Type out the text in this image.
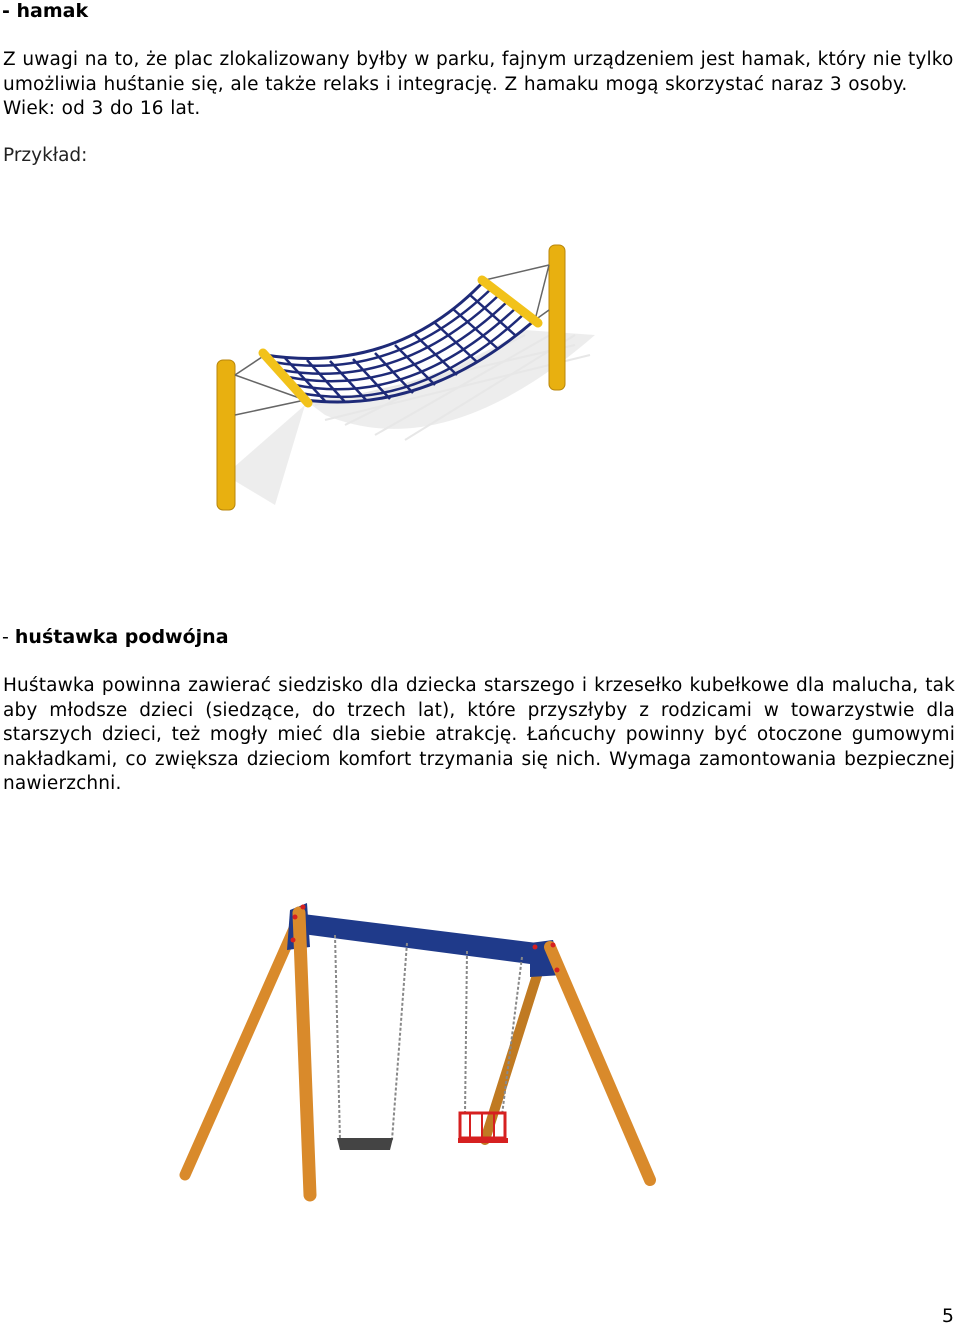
- hamak
Z uwagi na to, że plac zlokalizowany byłby w parku, fajnym urządzeniem jest hamak, który nie tylko umożliwia huśtanie się, ale także relaks i integrację. Z hamaku mogą skorzystać naraz 3 osoby. Wiek: od 3 do 16 lat.
Przykład:
- huśtawka podwójna
Huśtawka powinna zawierać siedzisko dla dziecka starszego i krzesełko kubełkowe dla malucha, tak aby młodsze dzieci (siedzące, do trzech lat), które przyszłyby z rodzicami w towarzystwie dla starszych dzieci, też mogły mieć dla siebie atrakcję. Łańcuchy powinny być otoczone gumowymi nakładkami, co zwiększa dzieciom komfort trzymania się nich. Wymaga zamontowania bezpiecznej nawierzchni.
5
